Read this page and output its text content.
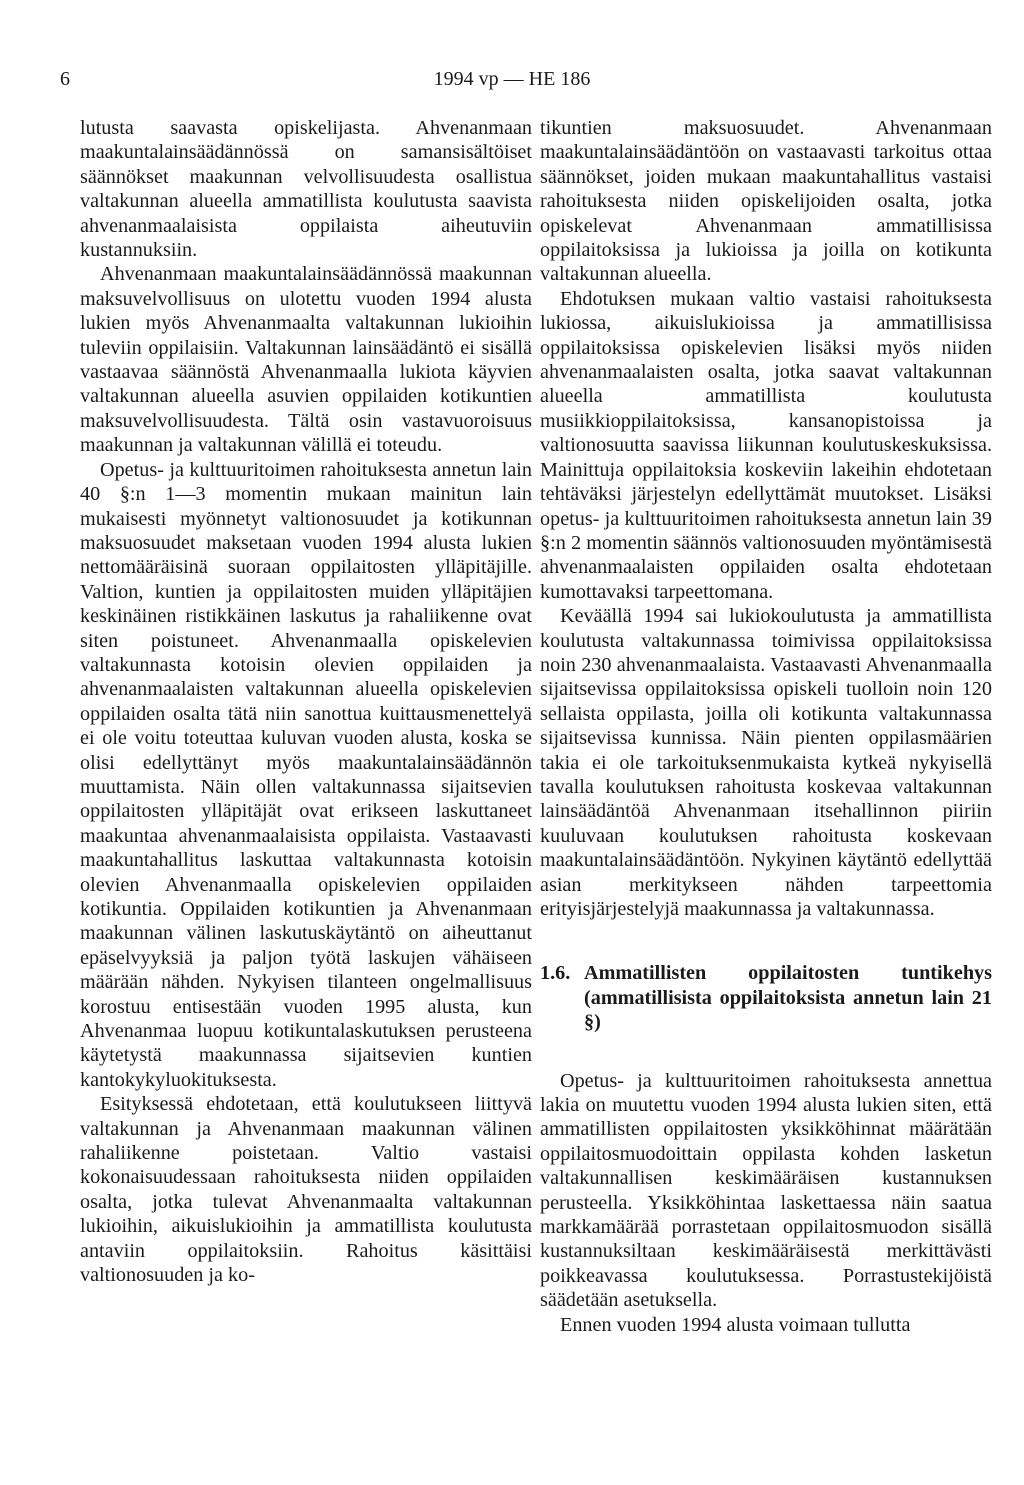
6	1994 vp — HE 186

lutusta saavasta opiskelijasta. Ahvenanmaan maakuntalainsäädännössä on samansisältöiset säännökset maakunnan velvollisuudesta osallistua valtakunnan alueella ammatillista koulutusta saavista ahvenanmaalaisista oppilaista aiheutuviin kustannuksiin.

Ahvenanmaan maakuntalainsäädännössä maakunnan maksuvelvollisuus on ulotettu vuoden 1994 alusta lukien myös Ahvenanmaalta valtakunnan lukioihin tuleviin oppilaisiin. Valtakunnan lainsäädäntö ei sisällä vastaavaa säännöstä Ahvenanmaalla lukiota käyvien valtakunnan alueella asuvien oppilaiden kotikuntien maksuvelvollisuudesta. Tältä osin vastavuoroisuus maakunnan ja valtakunnan välillä ei toteudu.

Opetus- ja kulttuuritoimen rahoituksesta annetun lain 40 §:n 1—3 momentin mukaan mainitun lain mukaisesti myönnetyt valtionosuudet ja kotikunnan maksuosuudet maksetaan vuoden 1994 alusta lukien nettomääräisinä suoraan oppilaitosten ylläpitäjille. Valtion, kuntien ja oppilaitosten muiden ylläpitäjien keskinäinen ristikkäinen laskutus ja rahaliikenne ovat siten poistuneet. Ahvenanmaalla opiskelevien valtakunnasta kotoisin olevien oppilaiden ja ahvenanmaalaisten valtakunnan alueella opiskelevien oppilaiden osalta tätä niin sanottua kuittausmenettelyä ei ole voitu toteuttaa kuluvan vuoden alusta, koska se olisi edellyttänyt myös maakuntalainsäädännön muuttamista. Näin ollen valtakunnassa sijaitsevien oppilaitosten ylläpitäjät ovat erikseen laskuttaneet maakuntaa ahvenanmaalaisista oppilaista. Vastaavasti maakuntahallitus laskuttaa valtakunnasta kotoisin olevien Ahvenanmaalla opiskelevien oppilaiden kotikuntia. Oppilaiden kotikuntien ja Ahvenanmaan maakunnan välinen laskutuskäytäntö on aiheuttanut epäselvyyksiä ja paljon työtä laskujen vähäiseen määrään nähden. Nykyisen tilanteen ongelmallisuus korostuu entisestään vuoden 1995 alusta, kun Ahvenanmaa luopuu kotikuntalaskutuksen perusteena käytetystä maakunnassa sijaitsevien kuntien kantokykyluokituksesta.

Esityksessä ehdotetaan, että koulutukseen liittyvä valtakunnan ja Ahvenanmaan maakunnan välinen rahaliikenne poistetaan. Valtio vastaisi kokonaisuudessaan rahoituksesta niiden oppilaiden osalta, jotka tulevat Ahvenanmaalta valtakunnan lukioihin, aikuislukioihin ja ammatillista koulutusta antaviin oppilaitoksiin. Rahoitus käsittäisi valtionosuuden ja ko-

tikuntien maksuosuudet. Ahvenanmaan maakuntalainsäädäntöön on vastaavasti tarkoitus ottaa säännökset, joiden mukaan maakuntahallitus vastaisi rahoituksesta niiden opiskelijoiden osalta, jotka opiskelevat Ahvenanmaan ammatillisissa oppilaitoksissa ja lukioissa ja joilla on kotikunta valtakunnan alueella.

Ehdotuksen mukaan valtio vastaisi rahoituksesta lukiossa, aikuislukioissa ja ammatillisissa oppilaitoksissa opiskelevien lisäksi myös niiden ahvenanmaalaisten osalta, jotka saavat valtakunnan alueella ammatillista koulutusta musiikkioppilaitoksissa, kansanopistoissa ja valtionosuutta saavissa liikunnan koulutuskeskuksissa. Mainittuja oppilaitoksia koskeviin lakeihin ehdotetaan tehtäväksi järjestelyn edellyttämät muutokset. Lisäksi opetus- ja kulttuuritoimen rahoituksesta annetun lain 39 §:n 2 momentin säännös valtionosuuden myöntämisestä ahvenanmaalaisten oppilaiden osalta ehdotetaan kumottavaksi tarpeettomana.

Keväällä 1994 sai lukiokoulutusta ja ammatillista koulutusta valtakunnassa toimivissa oppilaitoksissa noin 230 ahvenanmaalaista. Vastaavasti Ahvenanmaalla sijaitsevissa oppilaitoksissa opiskeli tuolloin noin 120 sellaista oppilasta, joilla oli kotikunta valtakunnassa sijaitsevissa kunnissa. Näin pienten oppilasmäärien takia ei ole tarkoituksenmukaista kytkeä nykyisellä tavalla koulutuksen rahoitusta koskevaa valtakunnan lainsäädäntöä Ahvenanmaan itsehallinnon piiriin kuuluvaan koulutuksen rahoitusta koskevaan maakuntalainsäädäntöön. Nykyinen käytäntö edellyttää asian merkitykseen nähden tarpeettomia erityisjärjestelyjä maakunnassa ja valtakunnassa.

1.6. Ammatillisten oppilaitosten tuntikehys (ammatillisista oppilaitoksista annetun lain 21 §)

Opetus- ja kulttuuritoimen rahoituksesta annettua lakia on muutettu vuoden 1994 alusta lukien siten, että ammatillisten oppilaitosten yksikköhinnat määrätään oppilaitosmuodoittain oppilasta kohden lasketun valtakunnallisen keskimääräisen kustannuksen perusteella. Yksikköhintaa laskettaessa näin saatua markkamäärää porrastetaan oppilaitosmuodon sisällä kustannuksiltaan keskimääräisestä merkittävästi poikkeavassa koulutuksessa. Porrastustekijöistä säädetään asetuksella.

Ennen vuoden 1994 alusta voimaan tullutta
